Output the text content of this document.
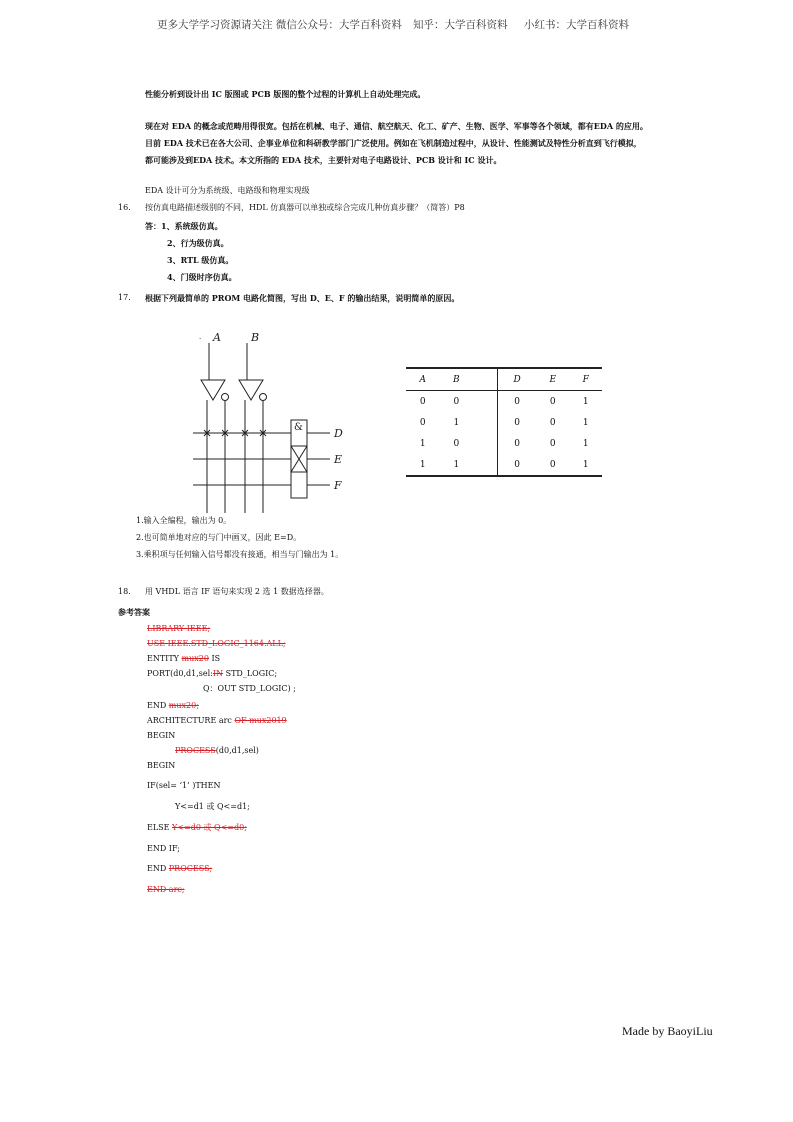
更多大学学习资源请关注 微信公众号：大学百科资料 知乎：大学百科资料 小红书：大学百科资料
性能分析到设计出 IC 版图或 PCB 版图的整个过程的计算机上自动处理完成。
现在对 EDA 的概念或范畴用得很宽。包括在机械、电子、通信、航空航天、化工、矿产、生物、医学、军事等各个领域，都有EDA 的应用。
目前 EDA 技术已在各大公司、企事业单位和科研教学部门广泛使用。例如在飞机制造过程中，从设计、性能测试及特性分析直到飞行模拟，
都可能涉及到EDA 技术。本文所指的 EDA 技术，主要针对电子电路设计、PCB 设计和 IC 设计。
EDA 设计可分为系统级、电路级和物理实现级
16. 按仿真电路描述级别的不同，HDL 仿真器可以单独或综合完成几种仿真步骤？（简答）P8
答：1、系统级仿真。
2、行为级仿真。
3、RTL 级仿真。
4、门级时序仿真。
17. 根据下列最简单的 PROM 电路化简图，写出 D、E、F 的输出结果，说明简单的原因。
· A	B
&	D
E
F
A	B		D	E	F
0	0		0	0	1
0	1		0	0	1
1	0		0	0	1
1	1		0	0	1
1.输入全编程，输出为 0。
2.也可简单地对应的与门中画叉，因此 E=D。
3.乘积项与任何输入信号都没有接通，相当与门输出为 1。
18. 用 VHDL 语言 IF 语句来实现 2 选 1 数据选择器。
参考答案
LIBRARY IEEE;
USE IEEE.STD_LOGIC_1164.ALL;
ENTITY mux20 IS
PORT(d0,d1,sel:IN STD_LOGIC;
Q：OUT STD_LOGIC) ;
END mux20;
ARCHITECTURE arc OF mux2019
BEGIN
PROCESS(d0,d1,sel)
BEGIN
IF(sel= ‘1’ )THEN
Y<=d1 或 Q<=d1;
ELSE Y<=d0 或 Q<=d0;
END IF;
END PROCESS;
END arc;
Made by BaoyiLiu
